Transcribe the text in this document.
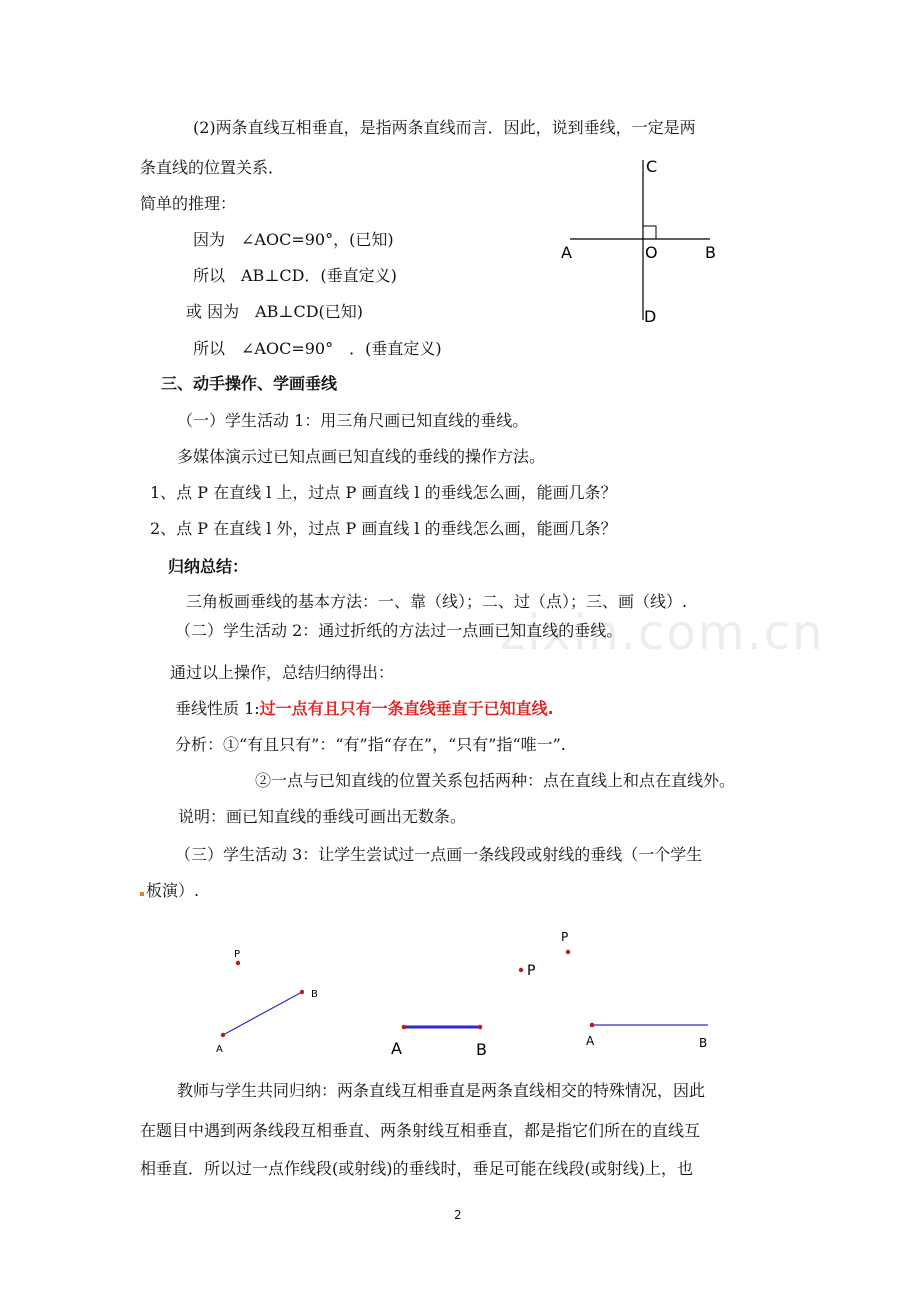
(2)两条直线互相垂直，是指两条直线而言．因此，说到垂线，一定是两
条直线的位置关系．
简单的推理：
因为　∠AOC=90°，(已知)
所以　AB⊥CD．(垂直定义)
或 因为　AB⊥CD(已知)
所以　∠AOC=90°　．(垂直定义)
三、动手操作、学画垂线
（一）学生活动 1：用三角尺画已知直线的垂线。
多媒体演示过已知点画已知直线的垂线的操作方法。
1、点 P 在直线 l 上，过点 P 画直线 l 的垂线怎么画，能画几条？
2、点 P 在直线 l 外，过点 P 画直线 l 的垂线怎么画，能画几条？
归纳总结：
三角板画垂线的基本方法：一、靠（线）；二、过（点）；三、画（线）.
（二）学生活动 2：通过折纸的方法过一点画已知直线的垂线。
通过以上操作，总结归纳得出：
垂线性质 1:过一点有且只有一条直线垂直于已知直线.
分析：①“有且只有”：“有”指“存在”，“只有”指“唯一”.
②一点与已知直线的位置关系包括两种：点在直线上和点在直线外。
说明：画已知直线的垂线可画出无数条。
（三）学生活动 3：让学生尝试过一点画一条线段或射线的垂线（一个学生
板演）.
教师与学生共同归纳：两条直线互相垂直是两条直线相交的特殊情况，因此
在题目中遇到两条线段互相垂直、两条射线互相垂直，都是指它们所在的直线互
相垂直．所以过一点作线段(或射线)的垂线时，垂足可能在线段(或射线)上，也
zixin.com.cn
C
A	O	B
D
P
A
B
A	B
P
P
A	B
2
